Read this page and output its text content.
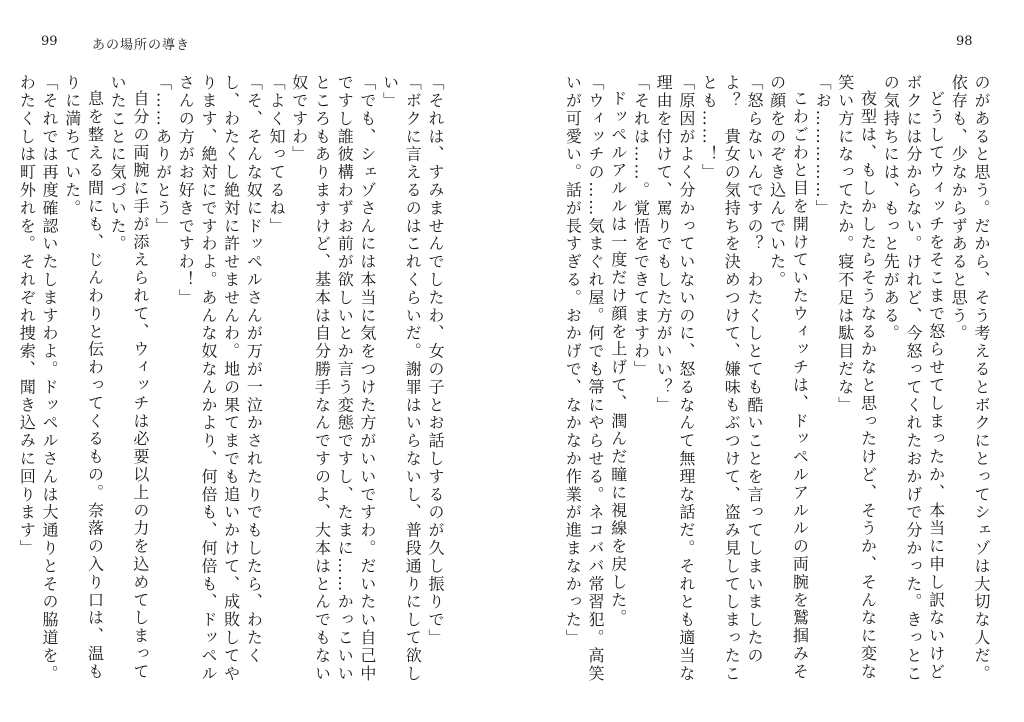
99	あの場所の導き	98

のがあると思う。だから、そう考えるとボクにとってシェゾは大切な人だ。依存も、少なからずあると思う。

どうしてウィッチをそこまで怒らせてしまったか、本当に申し訳ないけどボクには分からない。けれど、今怒ってくれたおかげで分かった。きっとこの気持ちには、もっと先がある。

夜型は、もしかしたらそうなるかなと思ったけど、そうか、そんなに変な笑い方になってたか。寝不足は駄目だな」

「お……………」

こわごわと目を開けていたウィッチは、ドッペルアルルの両腕を鷲掴みその顔をのぞき込んでいた。

「怒らないんですの？　わたくしとても酷いことを言ってしまいましたのよ？　貴女の気持ちを決めつけて、嫌味もぶつけて、盗み見してしまったことも……！」

「原因がよく分かっていないのに、怒るなんて無理な話だ。それとも適当な理由を付けて、罵りでもした方がいい？」

「それは……。覚悟をできてますわ」

ドッペルアルルは一度だけ顔を上げて、潤んだ瞳に視線を戻した。

「ウィッチの……気まぐれ屋。何でも箒にやらせる。ネコババ常習犯。高笑いが可愛い。話が長すぎる。おかげで、なかなか作業が進まなかった」

「それは、すみませんでしたわ、女の子とお話しするのが久し振りで」

「ボクに言えるのはこれくらいだ。謝罪はいらないし、普段通りにして欲しい」

「でも、シェゾさんには本当に気をつけた方がいいですわ。だいたい自己中ですし誰彼構わずお前が欲しいとか言う変態ですし、たまに……かっこいいところもありますけど、基本は自分勝手なんですのよ、大本はとんでもない奴ですわ」

「よく知ってるね」

「そ、そんな奴にドッペルさんが万が一泣かされたりでもしたら、わたくし、わたくし絶対に許せませんわ。地の果てまでも追いかけて、成敗してやります、絶対にですわよ。あんな奴なんかより、何倍も、何倍も、ドッペルさんの方がお好きですわ！」

「……ありがとう」

自分の両腕に手が添えられて、ウィッチは必要以上の力を込めてしまっていたことに気づいた。

息を整える間にも、じんわりと伝わってくるもの。奈落の入り口は、温もりに満ちていた。

「それでは再度確認いたしますわよ。ドッペルさんは大通りとその脇道を。わたくしは町外れを。それぞれ捜索、聞き込みに回ります」
